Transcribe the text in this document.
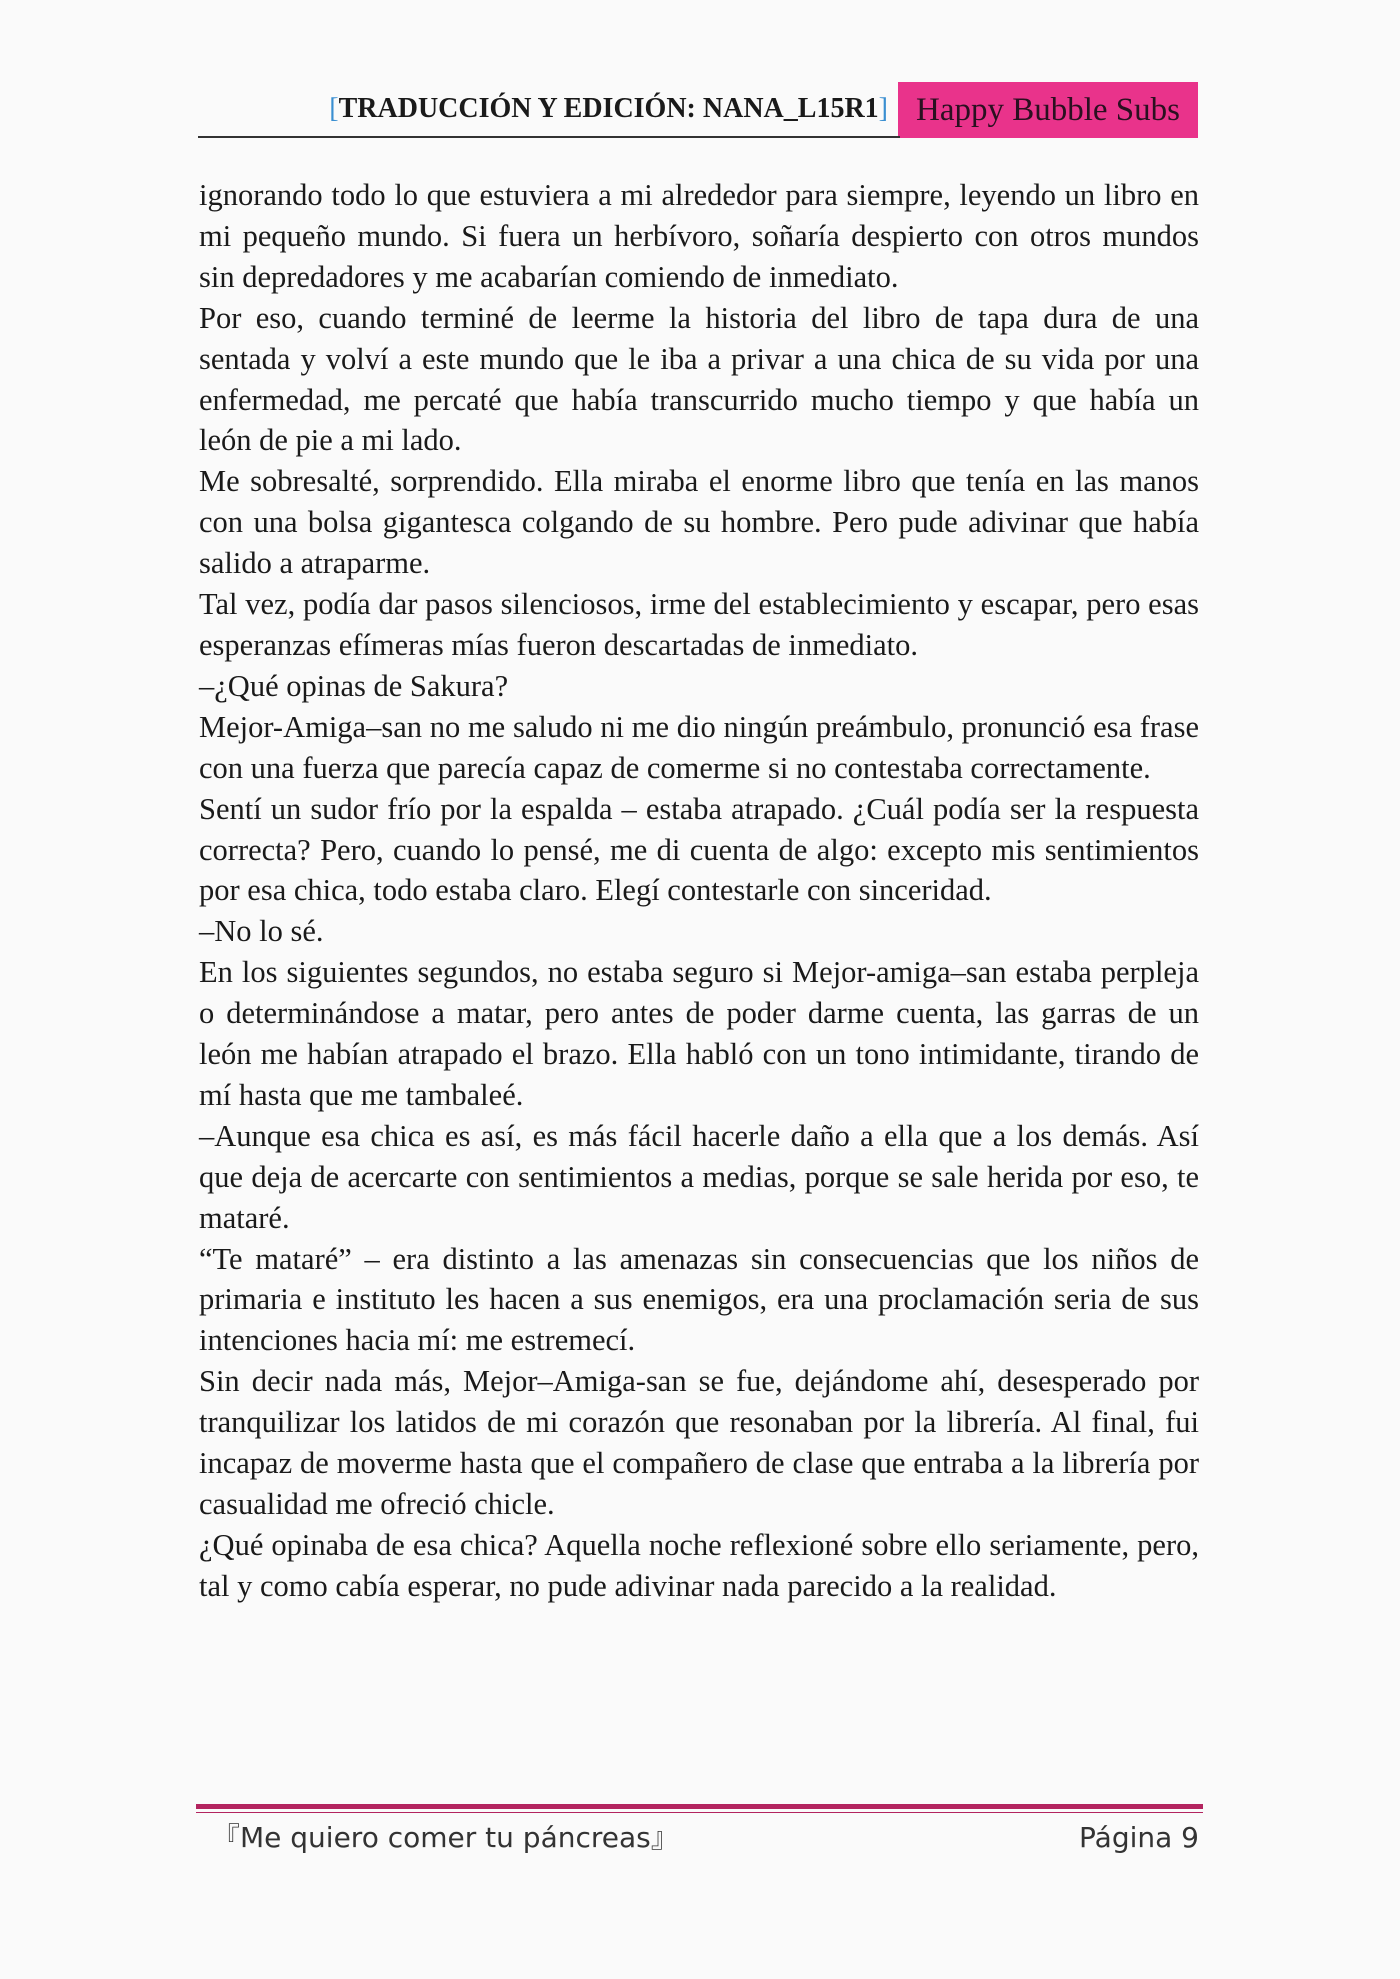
[TRADUCCIÓN Y EDICIÓN: NANA_L15R1] Happy Bubble Subs

ignorando todo lo que estuviera a mi alrededor para siempre, leyendo un libro en mi pequeño mundo. Si fuera un herbívoro, soñaría despierto con otros mundos sin depredadores y me acabarían comiendo de inmediato.

Por eso, cuando terminé de leerme la historia del libro de tapa dura de una sentada y volví a este mundo que le iba a privar a una chica de su vida por una enfermedad, me percaté que había transcurrido mucho tiempo y que había un león de pie a mi lado.

Me sobresalté, sorprendido. Ella miraba el enorme libro que tenía en las manos con una bolsa gigantesca colgando de su hombre. Pero pude adivinar que había salido a atraparme.

Tal vez, podía dar pasos silenciosos, irme del establecimiento y escapar, pero esas esperanzas efímeras mías fueron descartadas de inmediato.

–¿Qué opinas de Sakura?

Mejor-Amiga–san no me saludo ni me dio ningún preámbulo, pronunció esa frase con una fuerza que parecía capaz de comerme si no contestaba correctamente.

Sentí un sudor frío por la espalda – estaba atrapado. ¿Cuál podía ser la respuesta correcta? Pero, cuando lo pensé, me di cuenta de algo: excepto mis sentimientos por esa chica, todo estaba claro. Elegí contestarle con sinceridad.

–No lo sé.

En los siguientes segundos, no estaba seguro si Mejor-amiga–san estaba perpleja o determinándose a matar, pero antes de poder darme cuenta, las garras de un león me habían atrapado el brazo. Ella habló con un tono intimidante, tirando de mí hasta que me tambaleé.

–Aunque esa chica es así, es más fácil hacerle daño a ella que a los demás. Así que deja de acercarte con sentimientos a medias, porque se sale herida por eso, te mataré.

“Te mataré” – era distinto a las amenazas sin consecuencias que los niños de primaria e instituto les hacen a sus enemigos, era una proclamación seria de sus intenciones hacia mí: me estremecí.

Sin decir nada más, Mejor–Amiga-san se fue, dejándome ahí, desesperado por tranquilizar los latidos de mi corazón que resonaban por la librería. Al final, fui incapaz de moverme hasta que el compañero de clase que entraba a la librería por casualidad me ofreció chicle.

¿Qué opinaba de esa chica? Aquella noche reflexioné sobre ello seriamente, pero, tal y como cabía esperar, no pude adivinar nada parecido a la realidad.

『Me quiero comer tu páncreas』	Página 9
